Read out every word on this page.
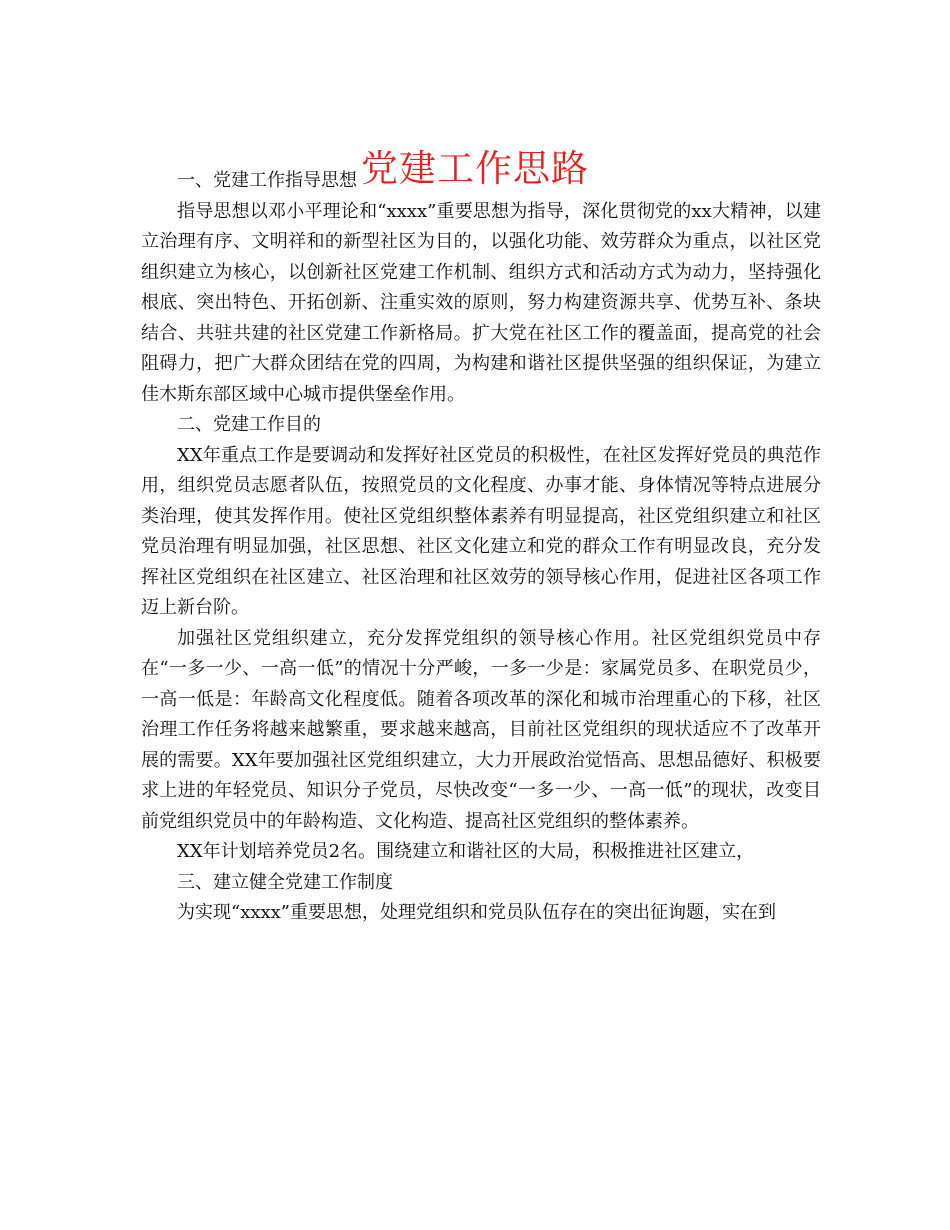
党建工作思路

一、党建工作指导思想

指导思想以邓小平理论和“xxxx”重要思想为指导，深化贯彻党的xx大精神，以建立治理有序、文明祥和的新型社区为目的，以强化功能、效劳群众为重点，以社区党组织建立为核心，以创新社区党建工作机制、组织方式和活动方式为动力，坚持强化根底、突出特色、开拓创新、注重实效的原则，努力构建资源共享、优势互补、条块结合、共驻共建的社区党建工作新格局。扩大党在社区工作的覆盖面，提高党的社会阻碍力，把广大群众团结在党的四周，为构建和谐社区提供坚强的组织保证，为建立佳木斯东部区域中心城市提供堡垒作用。

二、党建工作目的

XX年重点工作是要调动和发挥好社区党员的积极性，在社区发挥好党员的典范作用，组织党员志愿者队伍，按照党员的文化程度、办事才能、身体情况等特点进展分类治理，使其发挥作用。使社区党组织整体素养有明显提高，社区党组织建立和社区党员治理有明显加强，社区思想、社区文化建立和党的群众工作有明显改良，充分发挥社区党组织在社区建立、社区治理和社区效劳的领导核心作用，促进社区各项工作迈上新台阶。

加强社区党组织建立，充分发挥党组织的领导核心作用。社区党组织党员中存在“一多一少、一高一低”的情况十分严峻，一多一少是：家属党员多、在职党员少，一高一低是：年龄高文化程度低。随着各项改革的深化和城市治理重心的下移，社区治理工作任务将越来越繁重，要求越来越高，目前社区党组织的现状适应不了改革开展的需要。XX年要加强社区党组织建立，大力开展政治觉悟高、思想品德好、积极要求上进的年轻党员、知识分子党员，尽快改变“一多一少、一高一低”的现状，改变目前党组织党员中的年龄构造、文化构造、提高社区党组织的整体素养。

XX年计划培养党员2名。围绕建立和谐社区的大局，积极推进社区建立，

三、建立健全党建工作制度

为实现“xxxx”重要思想，处理党组织和党员队伍存在的突出征询题，实在到
